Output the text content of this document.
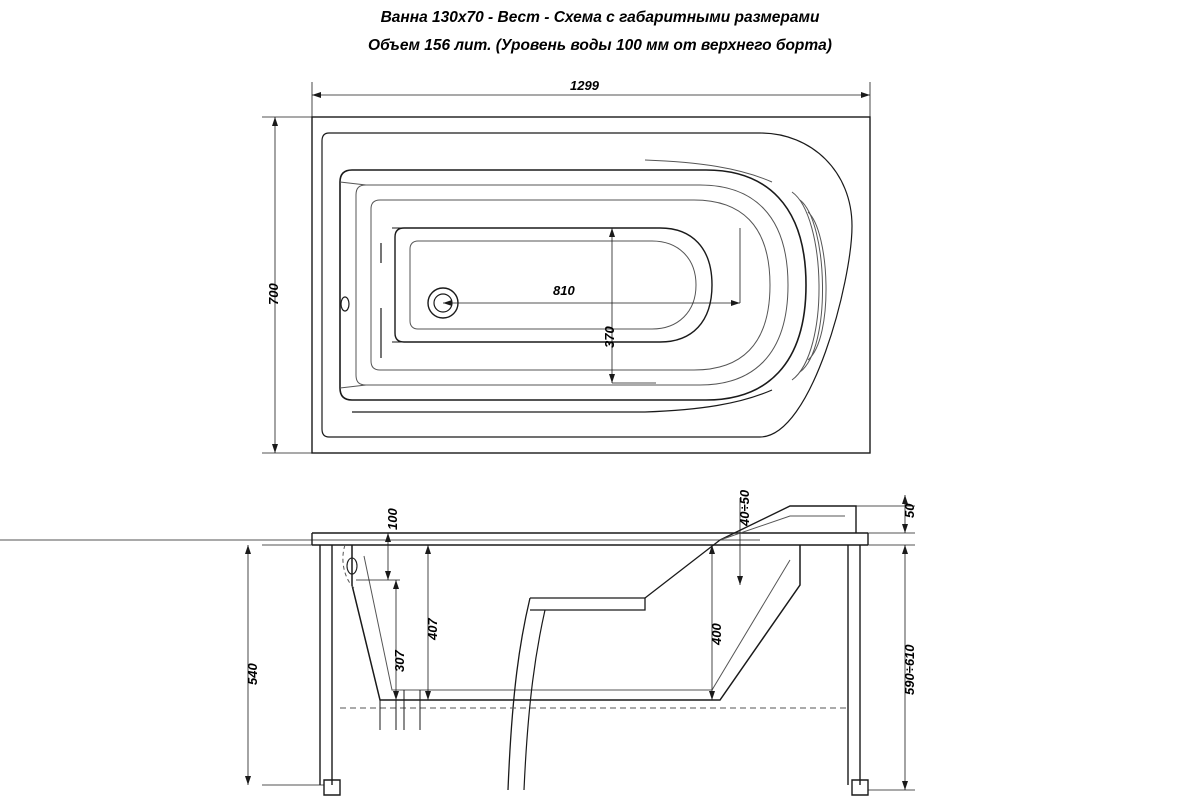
Ванна 130х70 - Вест - Схема с габаритными размерами
Объем 156 лит. (Уровень воды 100 мм от верхнего борта)
1299
700	810
370
100	40÷50	50
307
407	400
540	590÷610
